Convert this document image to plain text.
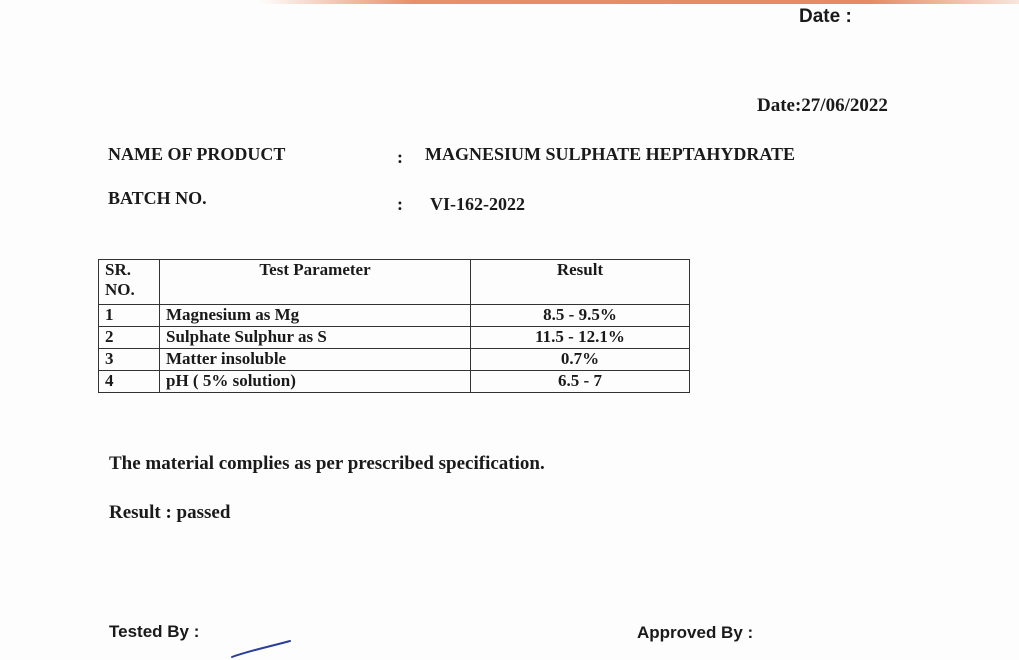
Date :
Date:27/06/2022
NAME OF PRODUCT	: MAGNESIUM SULPHATE HEPTAHYDRATE
BATCH NO.	: VI-162-2022
SR.
NO.	Test Parameter	Result
1	Magnesium as Mg	8.5 - 9.5%
2	Sulphate Sulphur as S	11.5 - 12.1%
3	Matter insoluble	0.7%
4	pH ( 5% solution)	6.5 - 7
The material complies as per prescribed specification.
Result : passed
Tested By :	Approved By :
